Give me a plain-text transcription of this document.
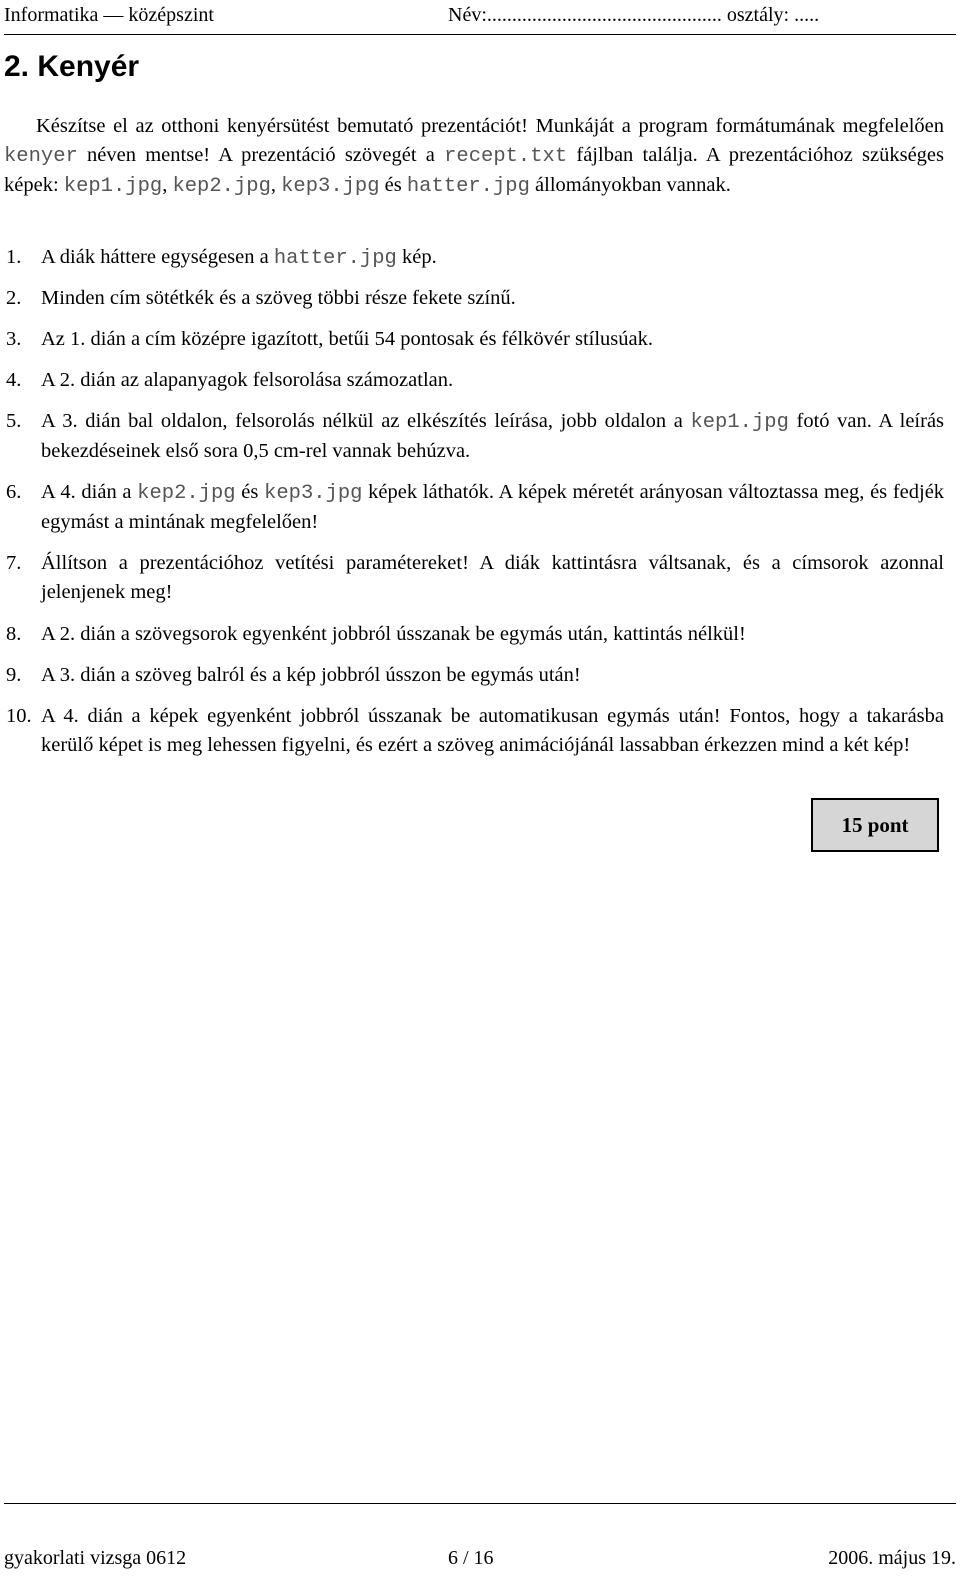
Informatika — középszint	Név:............................................... osztály: .....
2. Kenyér
Készítse el az otthoni kenyérsütést bemutató prezentációt! Munkáját a program formátumának megfelelően kenyer néven mentse! A prezentáció szövegét a recept.txt fájlban találja. A prezentációhoz szükséges képek: kep1.jpg, kep2.jpg, kep3.jpg és hatter.jpg állományokban vannak.
1. A diák háttere egységesen a hatter.jpg kép.
2. Minden cím sötétkék és a szöveg többi része fekete színű.
3. Az 1. dián a cím középre igazított, betűi 54 pontosak és félkövér stílusúak.
4. A 2. dián az alapanyagok felsorolása számozatlan.
5. A 3. dián bal oldalon, felsorolás nélkül az elkészítés leírása, jobb oldalon a kep1.jpg fotó van. A leírás bekezdéseinek első sora 0,5 cm-rel vannak behúzva.
6. A 4. dián a kep2.jpg és kep3.jpg képek láthatók. A képek méretét arányosan változtassa meg, és fedjék egymást a mintának megfelelően!
7. Állítson a prezentációhoz vetítési paramétereket! A diák kattintásra váltsanak, és a címsorok azonnal jelenjenek meg!
8. A 2. dián a szövegsorok egyenként jobbról ússzanak be egymás után, kattintás nélkül!
9. A 3. dián a szöveg balról és a kép jobbról ússzon be egymás után!
10. A 4. dián a képek egyenként jobbról ússzanak be automatikusan egymás után! Fontos, hogy a takarásba kerülő képet is meg lehessen figyelni, és ezért a szöveg animációjánál lassabban érkezzen mind a két kép!
15 pont
gyakorlati vizsga 0612	6 / 16	2006. május 19.
